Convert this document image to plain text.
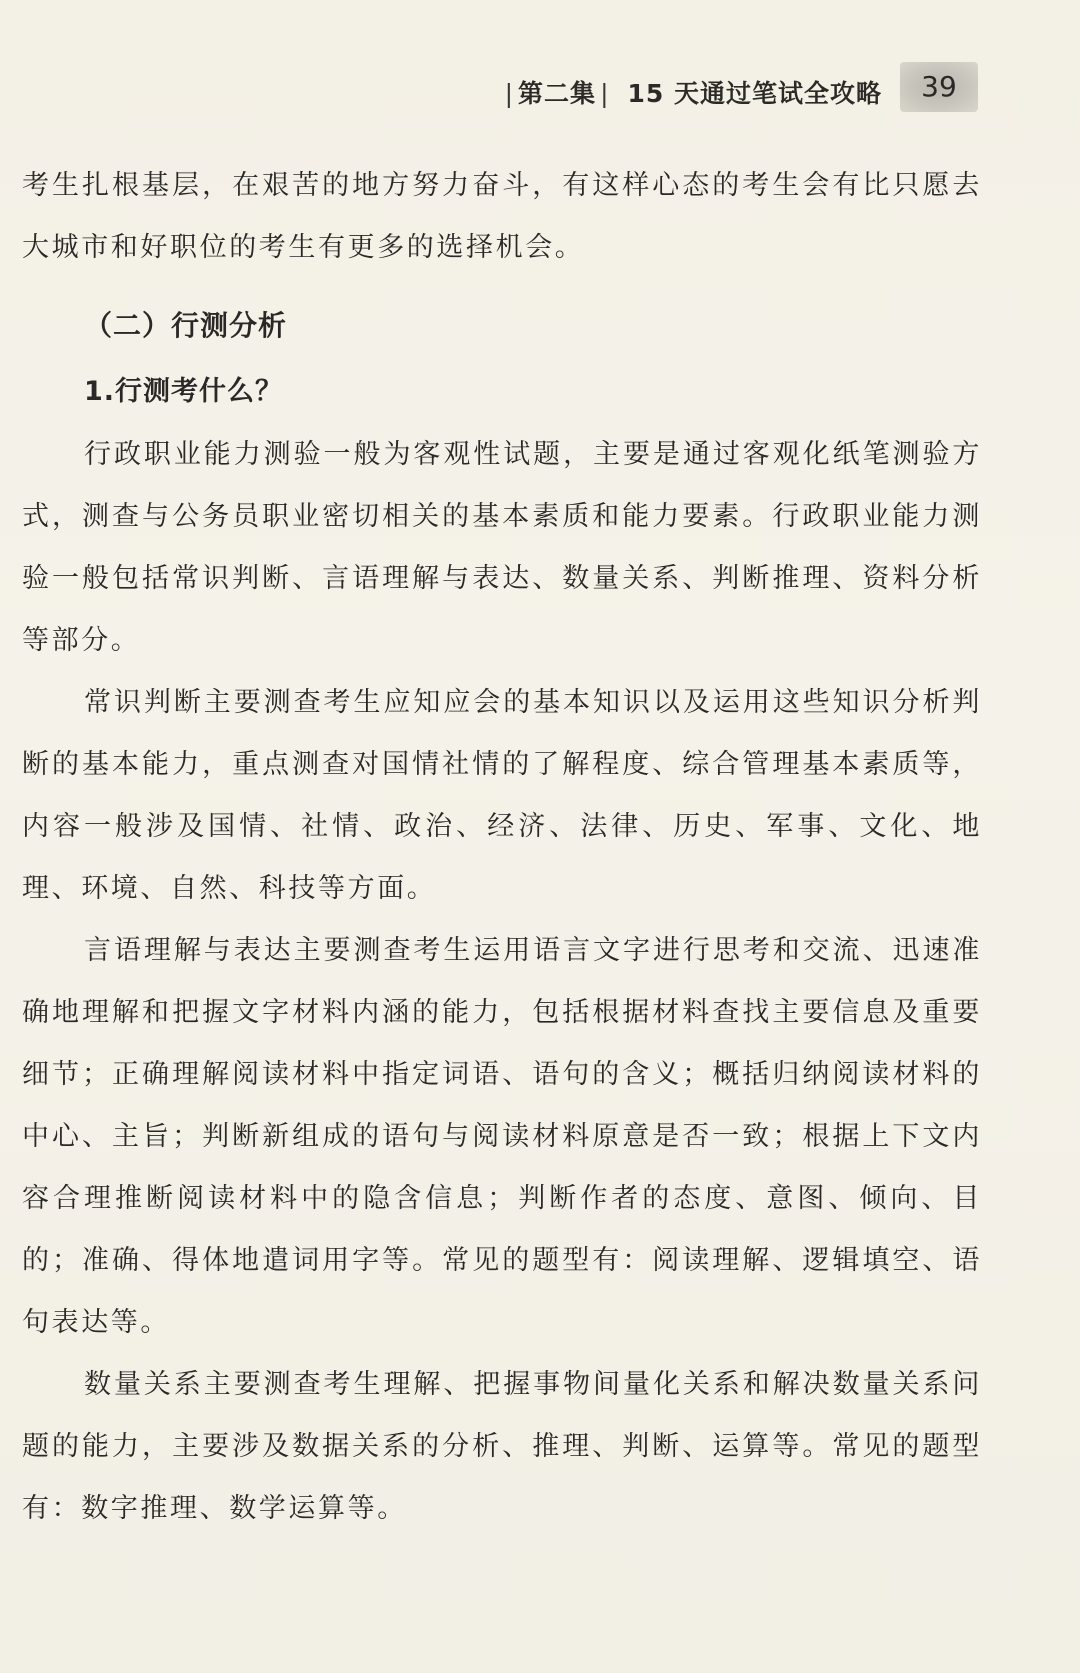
| 第二集 | 15 天通过笔试全攻略	39

考生扎根基层，在艰苦的地方努力奋斗，有这样心态的考生会有比只愿去大城市和好职位的考生有更多的选择机会。

（二）行测分析
1.行测考什么？

行政职业能力测验一般为客观性试题，主要是通过客观化纸笔测验方式，测查与公务员职业密切相关的基本素质和能力要素。行政职业能力测验一般包括常识判断、言语理解与表达、数量关系、判断推理、资料分析等部分。

常识判断主要测查考生应知应会的基本知识以及运用这些知识分析判断的基本能力，重点测查对国情社情的了解程度、综合管理基本素质等，内容一般涉及国情、社情、政治、经济、法律、历史、军事、文化、地理、环境、自然、科技等方面。

言语理解与表达主要测查考生运用语言文字进行思考和交流、迅速准确地理解和把握文字材料内涵的能力，包括根据材料查找主要信息及重要细节；正确理解阅读材料中指定词语、语句的含义；概括归纳阅读材料的中心、主旨；判断新组成的语句与阅读材料原意是否一致；根据上下文内容合理推断阅读材料中的隐含信息；判断作者的态度、意图、倾向、目的；准确、得体地遣词用字等。常见的题型有：阅读理解、逻辑填空、语句表达等。

数量关系主要测查考生理解、把握事物间量化关系和解决数量关系问题的能力，主要涉及数据关系的分析、推理、判断、运算等。常见的题型有：数字推理、数学运算等。
